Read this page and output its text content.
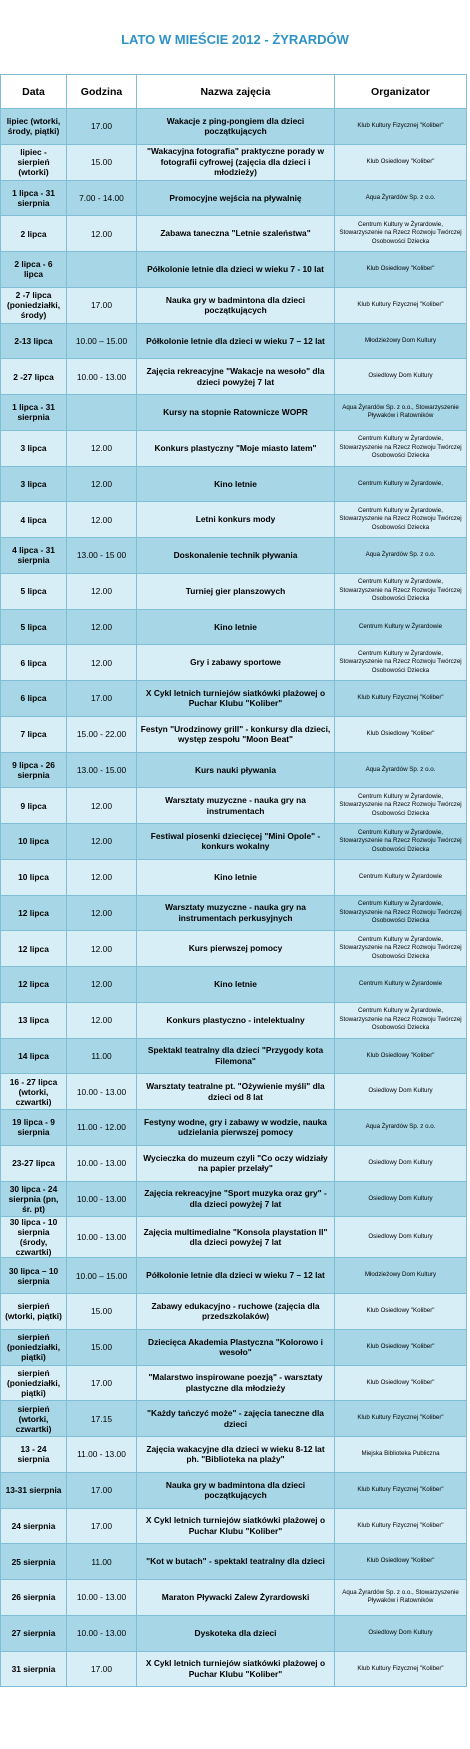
LATO W MIEŚCIE 2012 - ŻYRARDÓW
Data	Godzina	Nazwa zajęcia	Organizator
lipiec (wtorki, środy, piątki)	17.00	Wakacje z ping-pongiem dla dzieci początkujących	Klub Kultury Fizycznej "Koliber"
lipiec - sierpień (wtorki)	15.00	"Wakacyjna fotografia" praktyczne porady w fotografii cyfrowej (zajęcia dla dzieci i młodzieży)	Klub Osiedlowy "Koliber"
1 lipca - 31 sierpnia	7.00 - 14.00	Promocyjne wejścia na pływalnię	Aqua Żyrardów Sp. z o.o.
2 lipca	12.00	Zabawa taneczna "Letnie szaleństwa"	Centrum Kultury w Żyrardowie, Stowarzyszenie na Rzecz Rozwoju Twórczej Osobowości Dziecka
2 lipca - 6 lipca		Półkolonie letnie dla dzieci w wieku 7 - 10 lat	Klub Osiedlowy "Koliber"
2 -7 lipca (poniedziałki, środy)	17.00	Nauka gry w badmintona dla dzieci początkujących	Klub Kultury Fizycznej "Koliber"
2-13 lipca	10.00 – 15.00	Półkolonie letnie dla dzieci w wieku 7 – 12 lat	Młodzieżowy Dom Kultury
2 -27 lipca	10.00 - 13.00	Zajęcia rekreacyjne "Wakacje na wesoło" dla dzieci powyżej 7 lat	Osiedlowy Dom Kultury
1 lipca - 31 sierpnia		Kursy na stopnie Ratownicze WOPR	Aqua Żyrardów Sp. z o.o., Stowarzyszenie Pływaków i Ratowników
3 lipca	12.00	Konkurs plastyczny "Moje miasto latem"	Centrum Kultury w Żyrardowie, Stowarzyszenie na Rzecz Rozwoju Twórczej Osobowości Dziecka
3 lipca	12.00	Kino letnie	Centrum Kultury w Żyrardowie,
4 lipca	12.00	Letni konkurs mody	Centrum Kultury w Żyrardowie, Stowarzyszenie na Rzecz Rozwoju Twórczej Osobowości Dziecka
4 lipca - 31 sierpnia	13.00 - 15 00	Doskonalenie technik pływania	Aqua Żyrardów Sp. z o.o.
5 lipca	12.00	Turniej gier planszowych	Centrum Kultury w Żyrardowie, Stowarzyszenie na Rzecz Rozwoju Twórczej Osobowości Dziecka
5 lipca	12.00	Kino letnie	Centrum Kultury w Żyrardowie
6 lipca	12.00	Gry i zabawy sportowe	Centrum Kultury w Żyrardowie, Stowarzyszenie na Rzecz Rozwoju Twórczej Osobowości Dziecka
6 lipca	17.00	X Cykl letnich turniejów siatkówki plażowej o Puchar Klubu "Koliber"	Klub Kultury Fizycznej "Koliber"
7 lipca	15.00 - 22.00	Festyn "Urodzinowy grill" - konkursy dla dzieci, występ zespołu "Moon Beat"	Klub Osiedlowy "Koliber"
9 lipca - 26 sierpnia	13.00 - 15.00	Kurs nauki pływania	Aqua Żyrardów Sp. z o.o.
9 lipca	12.00	Warsztaty muzyczne - nauka gry na instrumentach	Centrum Kultury w Żyrardowie, Stowarzyszenie na Rzecz Rozwoju Twórczej Osobowości Dziecka
10 lipca	12.00	Festiwal piosenki dziecięcej "Mini Opole" - konkurs wokalny	Centrum Kultury w Żyrardowie, Stowarzyszenie na Rzecz Rozwoju Twórczej Osobowości Dziecka
10 lipca	12.00	Kino letnie	Centrum Kultury w Żyrardowie
12 lipca	12.00	Warsztaty muzyczne - nauka gry na instrumentach perkusyjnych	Centrum Kultury w Żyrardowie, Stowarzyszenie na Rzecz Rozwoju Twórczej Osobowości Dziecka
12 lipca	12.00	Kurs pierwszej pomocy	Centrum Kultury w Żyrardowie, Stowarzyszenie na Rzecz Rozwoju Twórczej Osobowości Dziecka
12 lipca	12.00	Kino letnie	Centrum Kultury w Żyrardowie
13 lipca	12.00	Konkurs plastyczno - intelektualny	Centrum Kultury w Żyrardowie, Stowarzyszenie na Rzecz Rozwoju Twórczej Osobowości Dziecka
14 lipca	11.00	Spektakl teatralny dla dzieci "Przygody kota Filemona"	Klub Osiedlowy "Koliber"
16 - 27 lipca (wtorki, czwartki)	10.00 - 13.00	Warsztaty teatralne pt. "Ożywienie myśli" dla dzieci od 8 lat	Osiedlowy Dom Kultury
19 lipca - 9 sierpnia	11.00 - 12.00	Festyny wodne, gry i zabawy w wodzie, nauka udzielania pierwszej pomocy	Aqua Żyrardów Sp. z o.o.
23-27 lipca	10.00 - 13.00	Wycieczka do muzeum czyli "Co oczy widziały na papier przelały"	Osiedlowy Dom Kultury
30 lipca - 24 sierpnia (pn, śr. pt)	10.00 - 13.00	Zajęcia rekreacyjne "Sport muzyka oraz gry" - dla dzieci powyżej 7 lat	Osiedlowy Dom Kultury
30 lipca - 10 sierpnia (środy, czwartki)	10.00 - 13.00	Zajęcia multimedialne "Konsola playstation II" dla dzieci powyżej 7 lat	Osiedlowy Dom Kultury
30 lipca – 10 sierpnia	10.00 – 15.00	Półkolonie letnie dla dzieci w wieku 7 – 12 lat	Młodzieżowy Dom Kultury
sierpień (wtorki, piątki)	15.00	Zabawy edukacyjno - ruchowe (zajęcia dla przedszkolaków)	Klub Osiedlowy "Koliber"
sierpień (poniedziałki, piątki)	15.00	Dziecięca Akademia Plastyczna "Kolorowo i wesoło"	Klub Osiedlowy "Koliber"
sierpień (poniedziałki, piątki)	17.00	"Malarstwo inspirowane poezją" - warsztaty plastyczne dla młodzieży	Klub Osiedlowy "Koliber"
sierpień (wtorki, czwartki)	17.15	"Każdy tańczyć może" - zajęcia taneczne dla dzieci	Klub Kultury Fizycznej "Koliber"
13 - 24 sierpnia	11.00 - 13.00	Zajęcia wakacyjne dla dzieci w wieku 8-12 lat ph. "Biblioteka na plaży"	Miejska Biblioteka Publiczna
13-31 sierpnia	17.00	Nauka gry w badmintona dla dzieci początkujących	Klub Kultury Fizycznej "Koliber"
24 sierpnia	17.00	X Cykl letnich turniejów siatkówki plażowej o Puchar Klubu "Koliber"	Klub Kultury Fizycznej "Koliber"
25 sierpnia	11.00	"Kot w butach" - spektakl teatralny dla dzieci	Klub Osiedlowy "Koliber"
26 sierpnia	10.00 - 13.00	Maraton Pływacki Zalew Żyrardowski	Aqua Żyrardów Sp. z o.o., Stowarzyszenie Pływaków i Ratowników
27 sierpnia	10.00 - 13.00	Dyskoteka dla dzieci	Osiedlowy Dom Kultury
31 sierpnia	17.00	X Cykl letnich turniejów siatkówki plażowej o Puchar Klubu "Koliber"	Klub Kultury Fizycznej "Koliber"
